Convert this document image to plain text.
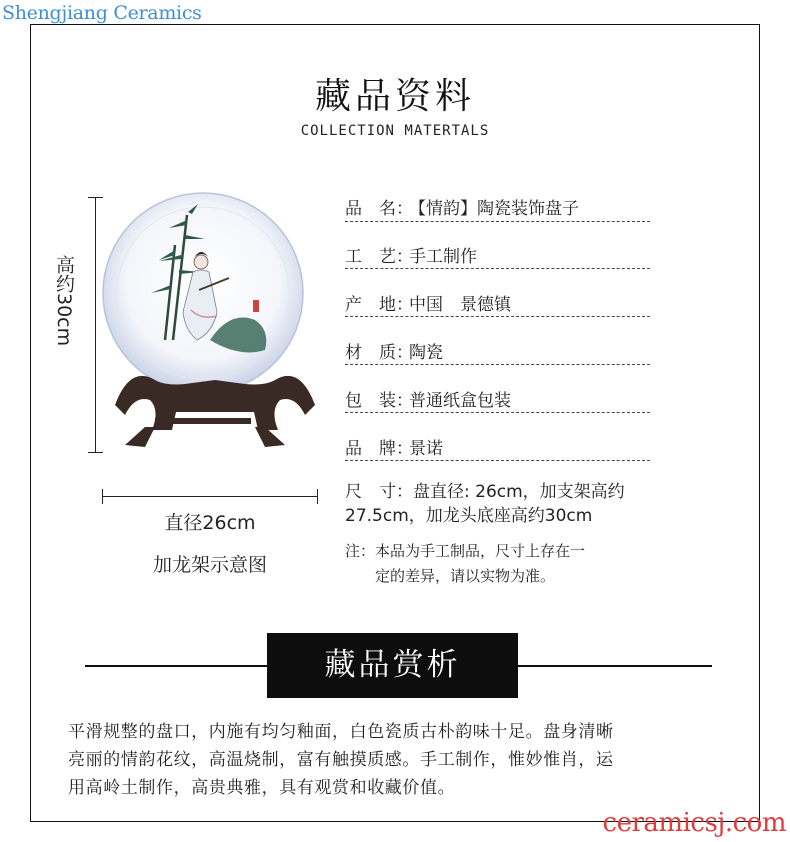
Shengjiang Ceramics
藏品资料
COLLECTION MATERTALS
高约30cm
直径26cm
加龙架示意图
品　名：【情韵】陶瓷装饰盘子
工　艺：手工制作
产　地：中国　景德镇
材　质：陶瓷
包　装：普通纸盒包装
品　牌：景诺
尺　寸：盘直径: 26cm，加支架高约
27.5cm，加龙头底座高约30cm
注：本品为手工制品，尺寸上存在一
　　定的差异，请以实物为准。
藏品赏析
平滑规整的盘口，内施有均匀釉面，白色瓷质古朴韵味十足。盘身清晰
亮丽的情韵花纹，高温烧制，富有触摸质感。手工制作，惟妙惟肖，运
用高岭土制作，高贵典雅，具有观赏和收藏价值。
ceramicsj.com
